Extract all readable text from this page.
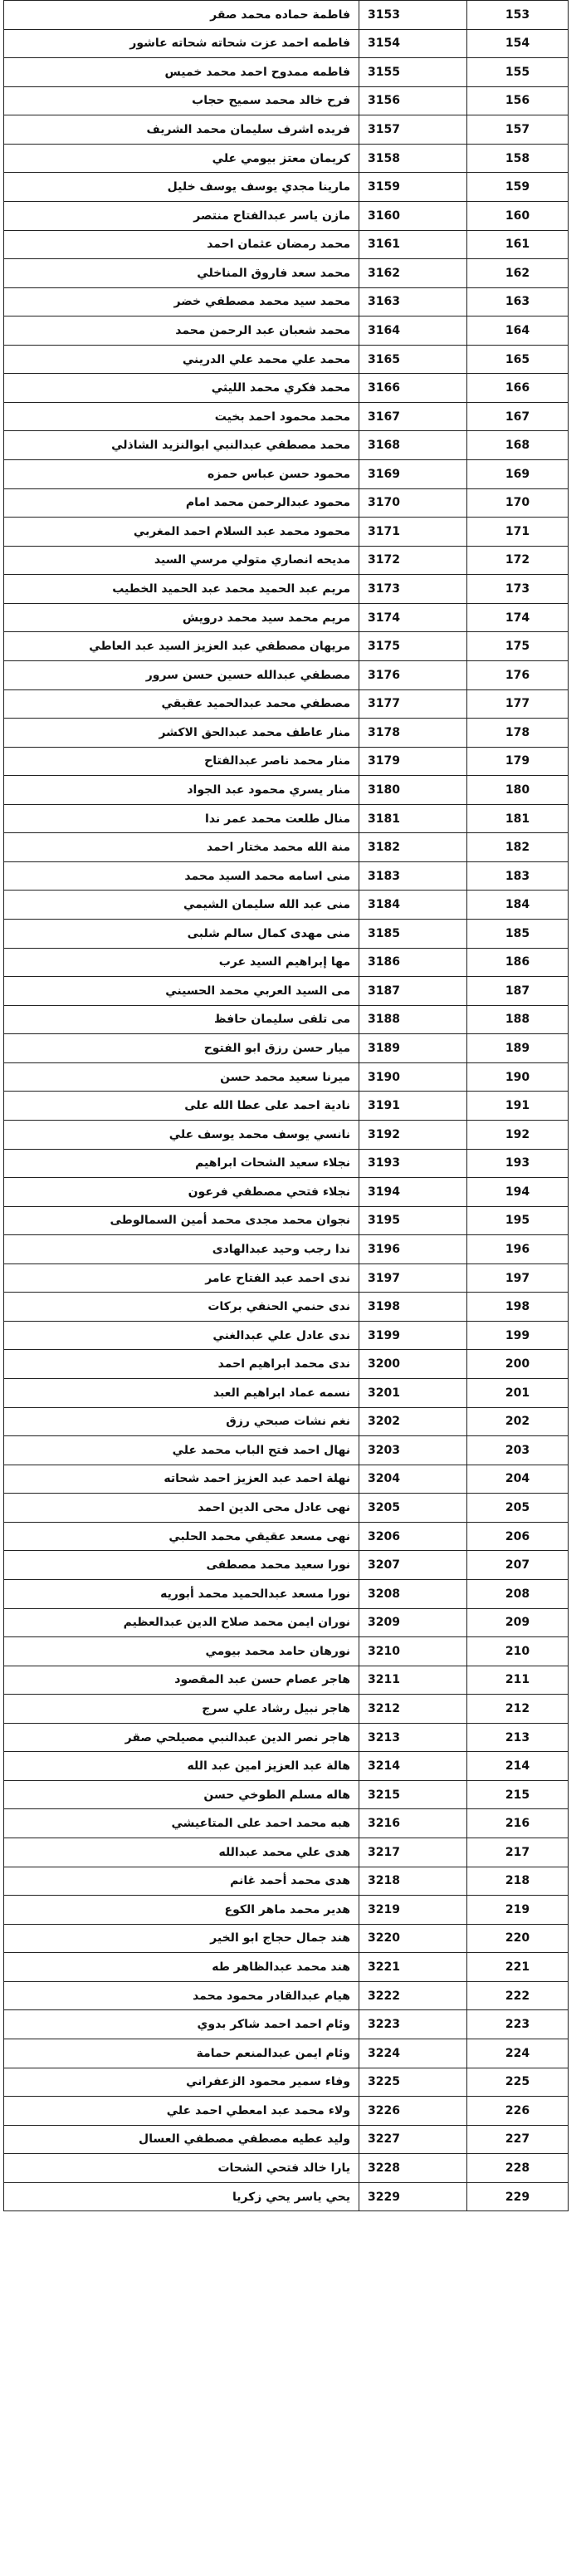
فاطمة حماده محمد صقر	3153	153
فاطمه احمد عزت شحاته شحاته عاشور	3154	154
فاطمه ممدوح احمد محمد خميس	3155	155
فرح خالد محمد سميح حجاب	3156	156
فريده اشرف سليمان محمد الشريف	3157	157
كريمان معتز بيومي علي	3158	158
مارينا مجدي يوسف يوسف خليل	3159	159
مازن ياسر عبدالفتاح منتصر	3160	160
محمد رمضان عثمان احمد	3161	161
محمد سعد فاروق المناخلي	3162	162
محمد سيد محمد مصطفي خضر	3163	163
محمد شعبان عبد الرحمن محمد	3164	164
محمد علي محمد علي الدريني	3165	165
محمد فكري محمد الليثي	3166	166
محمد محمود احمد بخيت	3167	167
محمد مصطفي عبدالنبي ابوالنزيد الشاذلي	3168	168
محمود حسن عباس حمزه	3169	169
محمود عبدالرحمن محمد امام	3170	170
محمود محمد عبد السلام احمد المغربي	3171	171
مديحه انصاري متولي مرسي السيد	3172	172
مريم عبد الحميد محمد عبد الحميد الخطيب	3173	173
مريم محمد سيد محمد درويش	3174	174
مريهان مصطفي عبد العزيز السيد عبد العاطي	3175	175
مصطفي عبدالله حسين حسن سرور	3176	176
مصطفي محمد عبدالحميد عقيقي	3177	177
منار عاطف محمد عبدالحق الاكشر	3178	178
منار محمد ناصر عبدالفتاح	3179	179
منار يسري محمود عبد الجواد	3180	180
منال طلعت محمد عمر ندا	3181	181
منة الله محمد مختار احمد	3182	182
منى اسامه محمد السيد محمد	3183	183
منى عبد الله سليمان الشيمي	3184	184
منى مهدى كمال سالم شلبى	3185	185
مها إبراهيم السيد عرب	3186	186
مى السيد العربي محمد الحسيني	3187	187
مى تلفى سليمان حافظ	3188	188
ميار حسن رزق ابو الفتوح	3189	189
ميرنا سعيد محمد حسن	3190	190
نادية احمد على عطا الله على	3191	191
نانسي يوسف محمد يوسف علي	3192	192
نجلاء سعيد الشحات ابراهيم	3193	193
نجلاء فتحي مصطفي فرعون	3194	194
نجوان محمد مجدى محمد أمين السمالوطى	3195	195
ندا رجب وحيد عبدالهادى	3196	196
ندى احمد عبد الفتاح عامر	3197	197
ندى حنمي الحنفي بركات	3198	198
ندى عادل علي عبدالغني	3199	199
ندى محمد ابراهيم احمد	3200	200
نسمه عماد ابراهيم العبد	3201	201
نغم نشات صبحي رزق	3202	202
نهال احمد فتح الباب محمد علي	3203	203
نهلة احمد عبد العزيز احمد شحاته	3204	204
نهى عادل محى الدين احمد	3205	205
نهى مسعد عقيقي محمد الحلبي	3206	206
نورا سعيد محمد مصطفى	3207	207
نورا مسعد عبدالحميد محمد أبوريه	3208	208
نوران ايمن محمد صلاح الدين عبدالعظيم	3209	209
نورهان حامد محمد بيومي	3210	210
هاجر عصام حسن عبد المقصود	3211	211
هاجر نبيل رشاد علي سرج	3212	212
هاجر نصر الدين عبدالنبي مصيلحي صقر	3213	213
هالة عبد العزيز امين عبد الله	3214	214
هاله مسلم الطوخي حسن	3215	215
هبه محمد احمد على المتاعيشي	3216	216
هدى علي محمد عبدالله	3217	217
هدى محمد أحمد غانم	3218	218
هدير محمد ماهر الكوع	3219	219
هند جمال حجاج ابو الخير	3220	220
هند محمد عبدالظاهر طه	3221	221
هيام عبدالقادر محمود محمد	3222	222
وئام احمد احمد شاكر بدوي	3223	223
وئام ايمن عبدالمنعم حمامة	3224	224
وفاء سمير محمود الزعفراني	3225	225
ولاء محمد عبد امعطي احمد علي	3226	226
وليد عطيه مصطفي مصطفي العسال	3227	227
يارا خالد فتحي الشحات	3228	228
يحي ياسر يحي زكريا	3229	229
